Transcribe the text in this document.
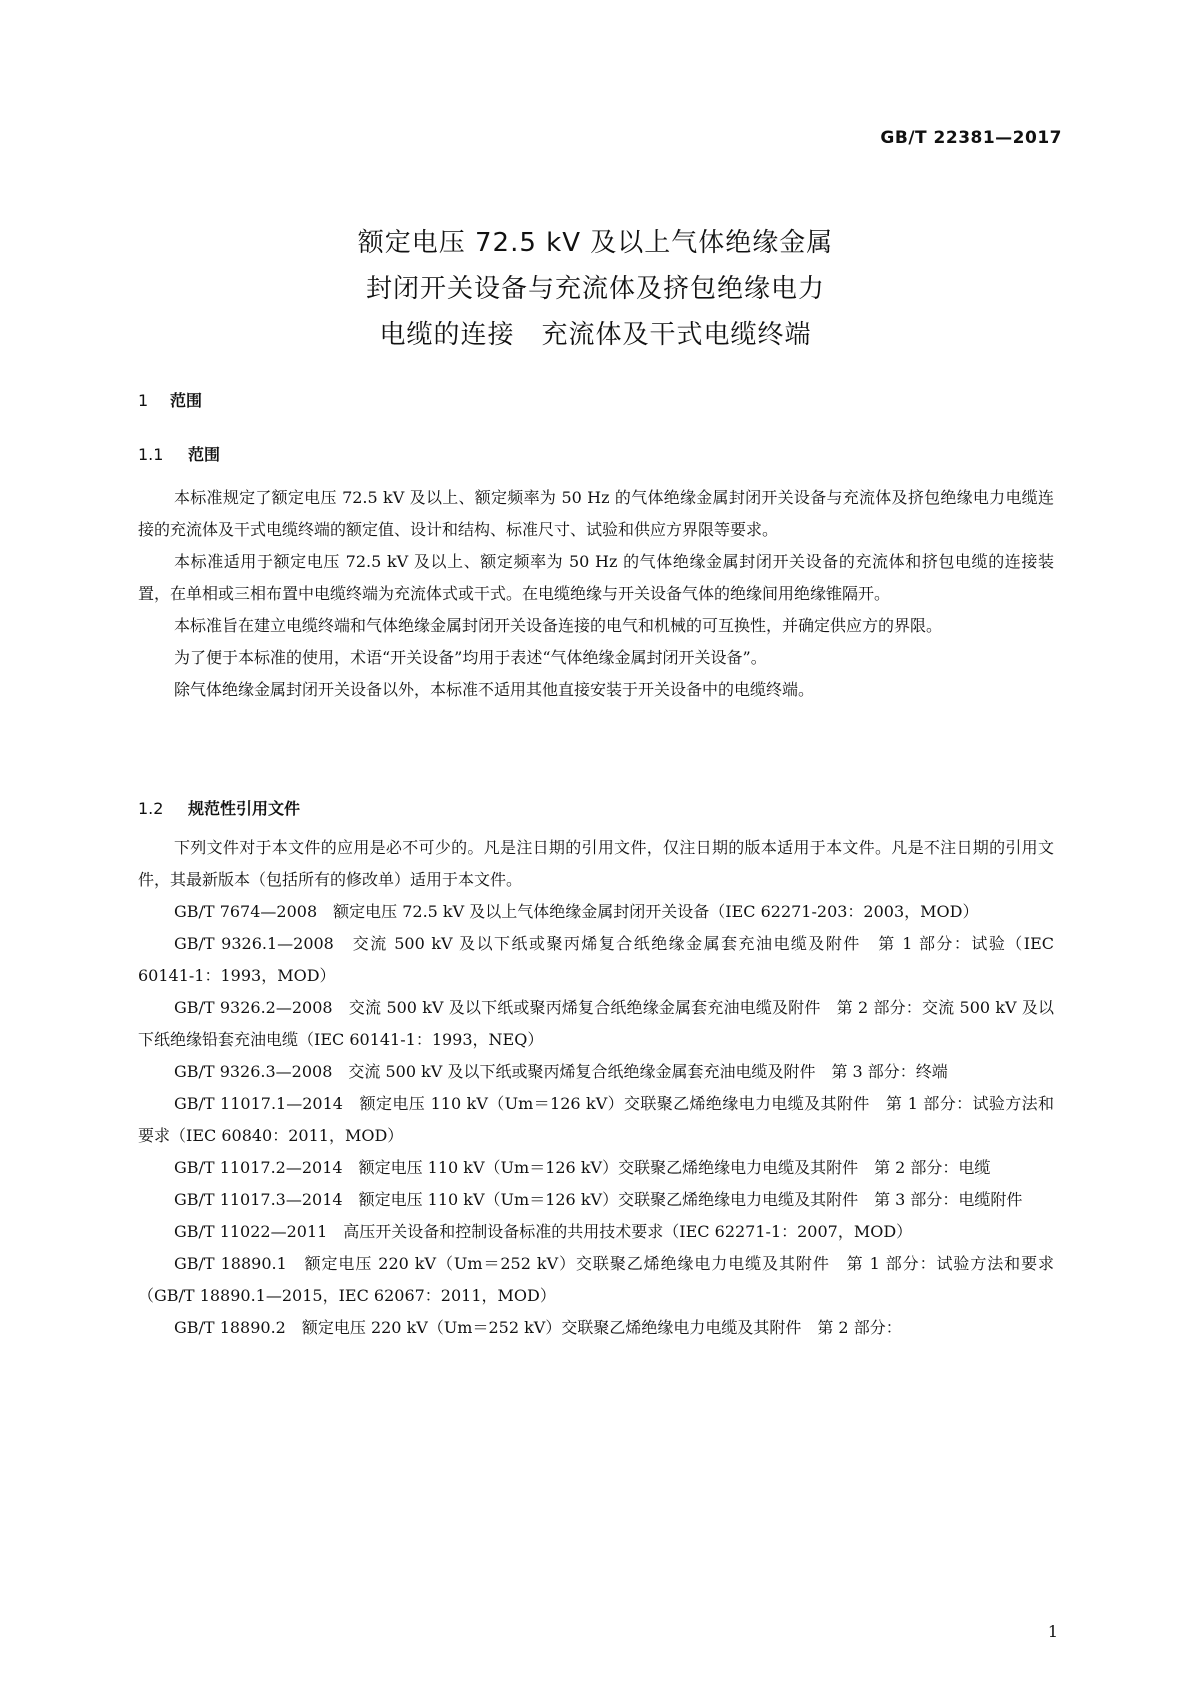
GB/T 22381—2017
额定电压 72.5 kV 及以上气体绝缘金属
封闭开关设备与充流体及挤包绝缘电力
电缆的连接　充流体及干式电缆终端
1 范围
1.1 范围

本标准规定了额定电压 72.5 kV 及以上、额定频率为 50 Hz 的气体绝缘金属封闭开关设备与充流体及挤包绝缘电力电缆连接的充流体及干式电缆终端的额定值、设计和结构、标准尺寸、试验和供应方界限等要求。

本标准适用于额定电压 72.5 kV 及以上、额定频率为 50 Hz 的气体绝缘金属封闭开关设备的充流体和挤包电缆的连接装置，在单相或三相布置中电缆终端为充流体式或干式。在电缆绝缘与开关设备气体的绝缘间用绝缘锥隔开。

本标准旨在建立电缆终端和气体绝缘金属封闭开关设备连接的电气和机械的可互换性，并确定供应方的界限。

为了便于本标准的使用，术语“开关设备”均用于表述“气体绝缘金属封闭开关设备”。

除气体绝缘金属封闭开关设备以外，本标准不适用其他直接安装于开关设备中的电缆终端。

1.2 规范性引用文件

下列文件对于本文件的应用是必不可少的。凡是注日期的引用文件，仅注日期的版本适用于本文件。凡是不注日期的引用文件，其最新版本（包括所有的修改单）适用于本文件。

GB/T 7674—2008　额定电压 72.5 kV 及以上气体绝缘金属封闭开关设备（IEC 62271-203：2003，MOD）

GB/T 9326.1—2008　交流 500 kV 及以下纸或聚丙烯复合纸绝缘金属套充油电缆及附件　第 1 部分：试验（IEC 60141-1：1993，MOD）

GB/T 9326.2—2008　交流 500 kV 及以下纸或聚丙烯复合纸绝缘金属套充油电缆及附件　第 2 部分：交流 500 kV 及以下纸绝缘铅套充油电缆（IEC 60141-1：1993，NEQ）

GB/T 9326.3—2008　交流 500 kV 及以下纸或聚丙烯复合纸绝缘金属套充油电缆及附件　第 3 部分：终端

GB/T 11017.1—2014　额定电压 110 kV（Um＝126 kV）交联聚乙烯绝缘电力电缆及其附件　第 1 部分：试验方法和要求（IEC 60840：2011，MOD）

GB/T 11017.2—2014　额定电压 110 kV（Um＝126 kV）交联聚乙烯绝缘电力电缆及其附件　第 2 部分：电缆

GB/T 11017.3—2014　额定电压 110 kV（Um＝126 kV）交联聚乙烯绝缘电力电缆及其附件　第 3 部分：电缆附件

GB/T 11022—2011　高压开关设备和控制设备标准的共用技术要求（IEC 62271-1：2007，MOD）

GB/T 18890.1　额定电压 220 kV（Um＝252 kV）交联聚乙烯绝缘电力电缆及其附件　第 1 部分：试验方法和要求（GB/T 18890.1—2015，IEC 62067：2011，MOD）

GB/T 18890.2　额定电压 220 kV（Um＝252 kV）交联聚乙烯绝缘电力电缆及其附件　第 2 部分：

1
